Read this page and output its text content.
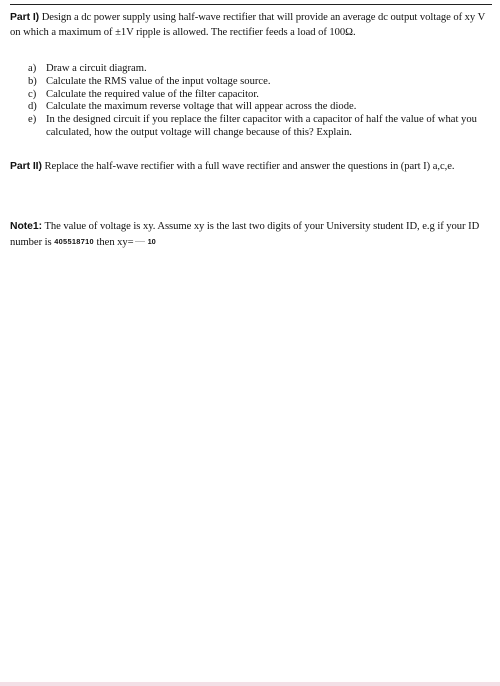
Part I) Design a dc power supply using half-wave rectifier that will provide an average dc output voltage of xy V on which a maximum of ±1V ripple is allowed. The rectifier feeds a load of 100Ω.
a) Draw a circuit diagram.
b) Calculate the RMS value of the input voltage source.
c) Calculate the required value of the filter capacitor.
d) Calculate the maximum reverse voltage that will appear across the diode.
e) In the designed circuit if you replace the filter capacitor with a capacitor of half the value of what you calculated, how the output voltage will change because of this? Explain.
Part II) Replace the half-wave rectifier with a full wave rectifier and answer the questions in (part I) a,c,e.
Note1: The value of voltage is xy. Assume xy is the last two digits of your University student ID, e.g if your ID number is 405518710 then xy= 10
